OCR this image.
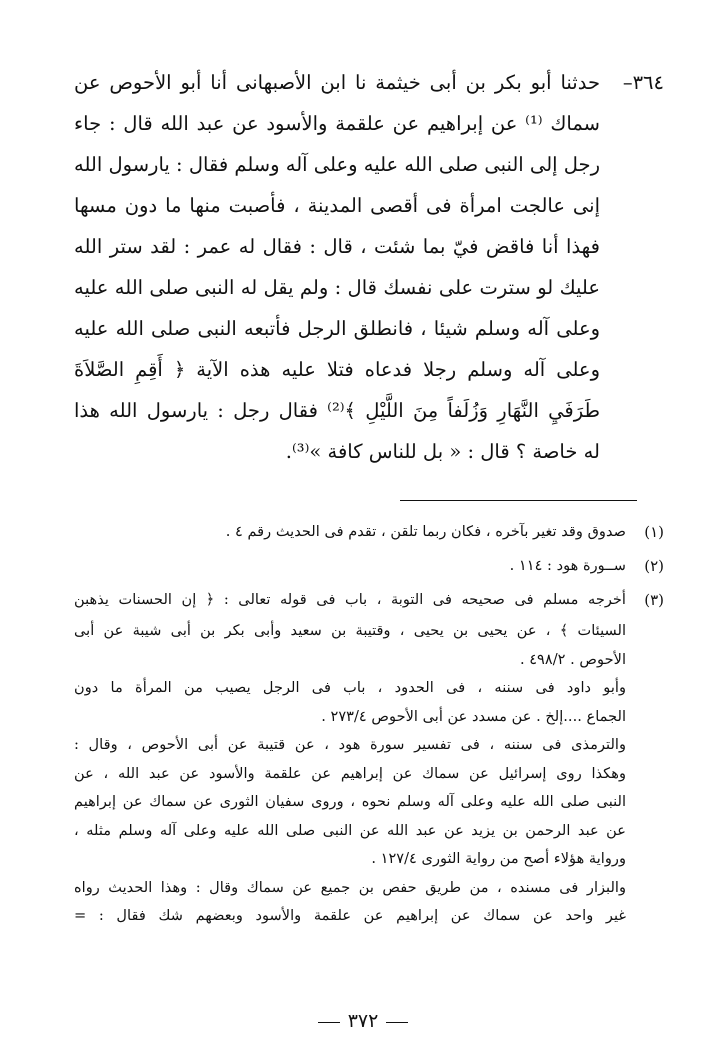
٣٦٤–حدثنا أبو بكر بن أبى خيثمة نا ابن الأصبهانى أنا أبو الأحوص عن
سماك ⁽¹⁾ عن إبراهيم عن علقمة والأسود عن عبد الله قال : جاء
رجل إلى النبى صلى الله عليه وعلى آله وسلم فقال : يارسول الله
إنى عالجت امرأة فى أقصى المدينة ، فأصبت منها ما دون مسها
فهذا أنا فاقض فيّ بما شئت ، قال : فقال له عمر : لقد ستر الله
عليك لو سترت على نفسك قال : ولم يقل له النبى صلى الله عليه
وعلى آله وسلم شيئا ، فانطلق الرجل فأتبعه النبى صلى الله عليه
وعلى آله وسلم رجلا فدعاه فتلا عليه هذه الآية ﴿ أَقِمِ الصَّلاَةَ
طَرَفَيِ النَّهَارِ وَزُلَفاً مِنَ اللَّيْلِ ﴾⁽²⁾ فقال رجل : يارسول الله هذا
له خاصة ؟ قال : « بل للناس كافة »⁽³⁾.
(١)
صدوق وقد تغير بآخره ، فكان ربما تلقن ، تقدم فى الحديث رقم ٤ .
(٢)
ســورة هود : ١١٤ .
(٣)
أخرجه مسلم فى صحيحه فى التوبة ، باب فى قوله تعالى : ﴿ إن الحسنات يذهبن
السيئات ﴾ ، عن يحيى بن يحيى ، وقتيبة بن سعيد وأبى بكر بن أبى شيبة عن أبى
الأحوص . ٤٩٨/٢ .
وأبو داود فى سننه ، فى الحدود ، باب فى الرجل يصيب من المرأة ما دون
الجماع ....إلخ . عن مسدد عن أبى الأحوص ٢٧٣/٤ .
والترمذى فى سننه ، فى تفسير سورة هود ، عن قتيبة عن أبى الأحوص ، وقال :
وهكذا روى إسرائيل عن سماك عن إبراهيم عن علقمة والأسود عن عبد الله ، عن
النبى صلى الله عليه وعلى آله وسلم نحوه ، وروى سفيان الثورى عن سماك عن إبراهيم
عن عبد الرحمن بن يزيد عن عبد الله عن النبى صلى الله عليه وعلى آله وسلم مثله ،
ورواية هؤلاء أصح من رواية الثورى ١٢٧/٤ .
والبزار فى مسنده ، من طريق حفص بن جميع عن سماك وقال : وهذا الحديث رواه
غير واحد عن سماك عن إبراهيم عن علقمة والأسود وبعضهم شك فقال : =
٣٧٢
